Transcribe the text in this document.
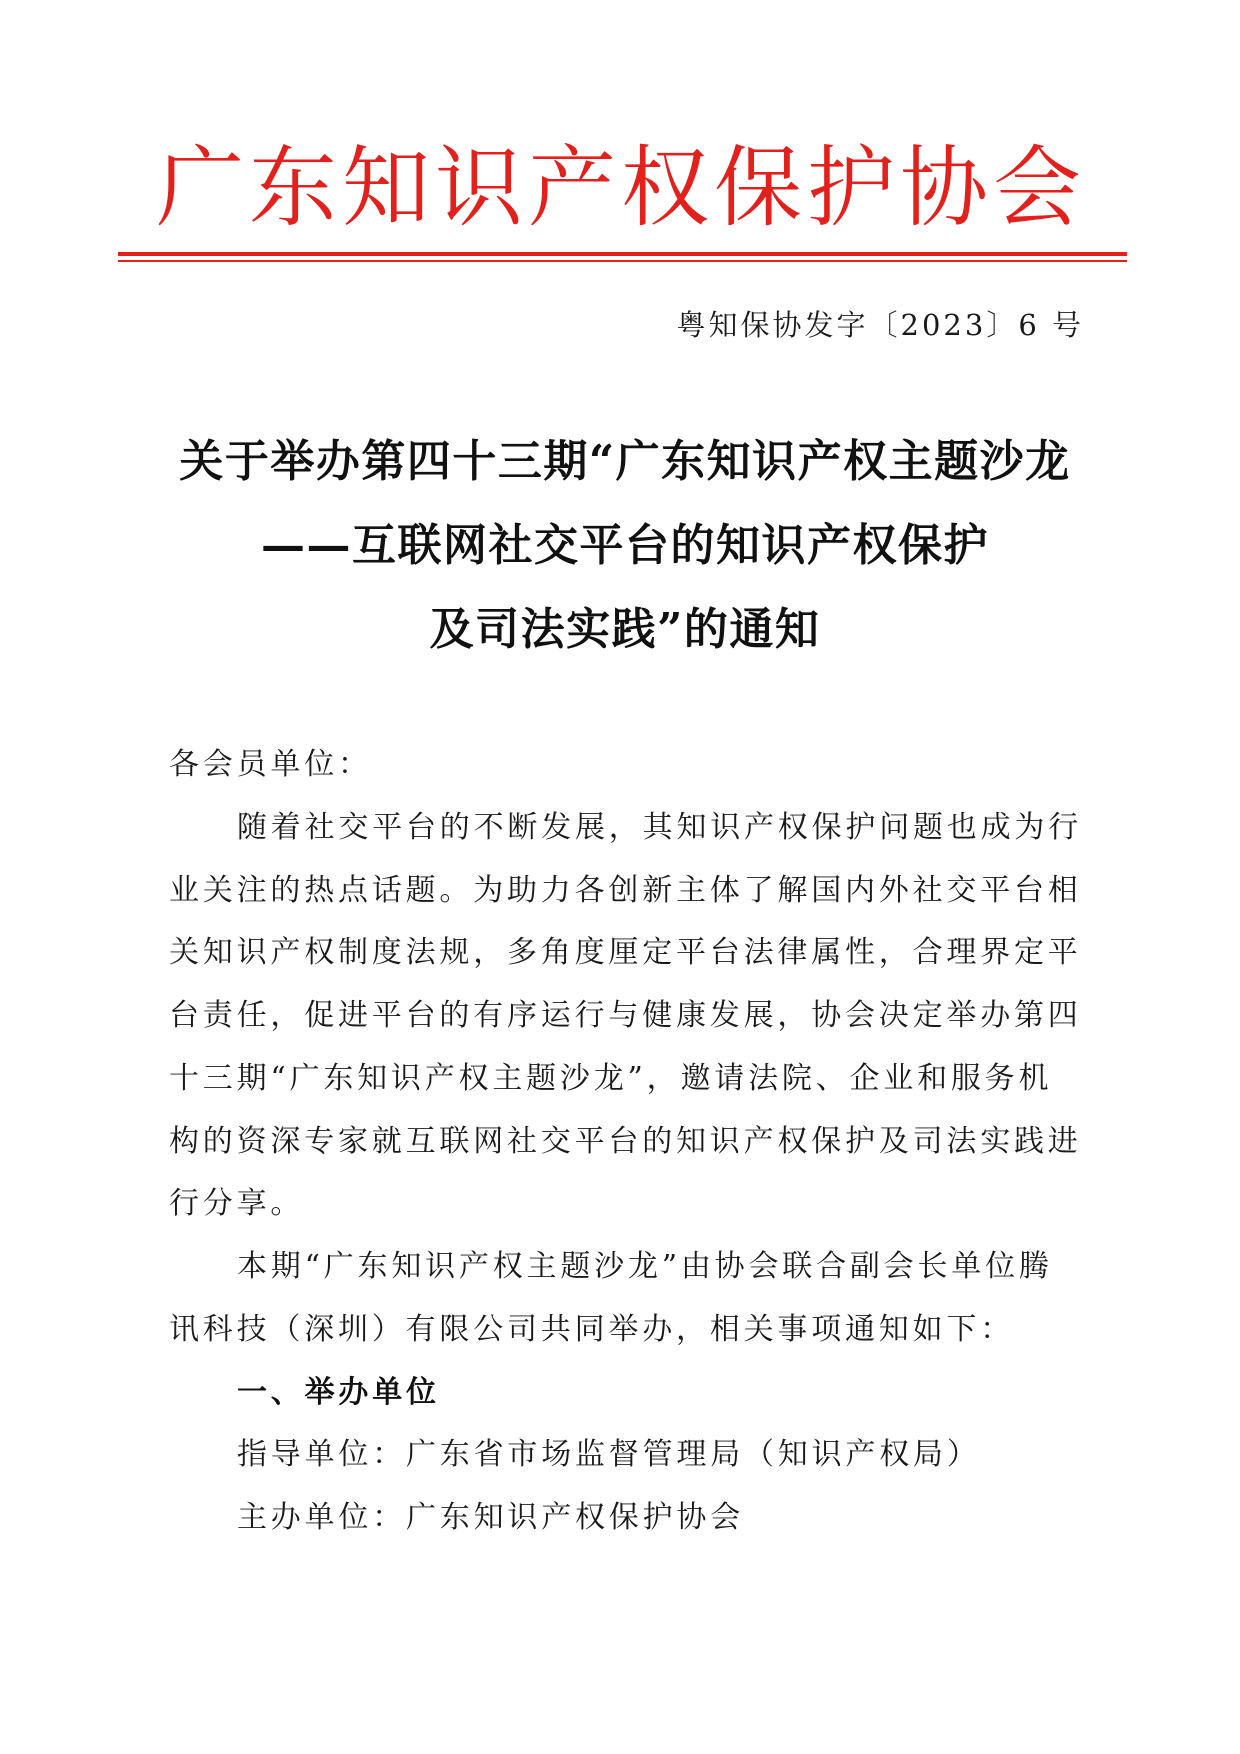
广东知识产权保护协会
粤知保协发字〔2023〕6 号
关于举办第四十三期“广东知识产权主题沙龙
——互联网社交平台的知识产权保护
及司法实践”的通知
各会员单位：
随着社交平台的不断发展，其知识产权保护问题也成为行
业关注的热点话题。为助力各创新主体了解国内外社交平台相
关知识产权制度法规，多角度厘定平台法律属性，合理界定平
台责任，促进平台的有序运行与健康发展，协会决定举办第四
十三期“广东知识产权主题沙龙”，邀请法院、企业和服务机
构的资深专家就互联网社交平台的知识产权保护及司法实践进
行分享。
本期“广东知识产权主题沙龙”由协会联合副会长单位腾
讯科技（深圳）有限公司共同举办，相关事项通知如下：
一、举办单位
指导单位：广东省市场监督管理局（知识产权局）
主办单位：广东知识产权保护协会
